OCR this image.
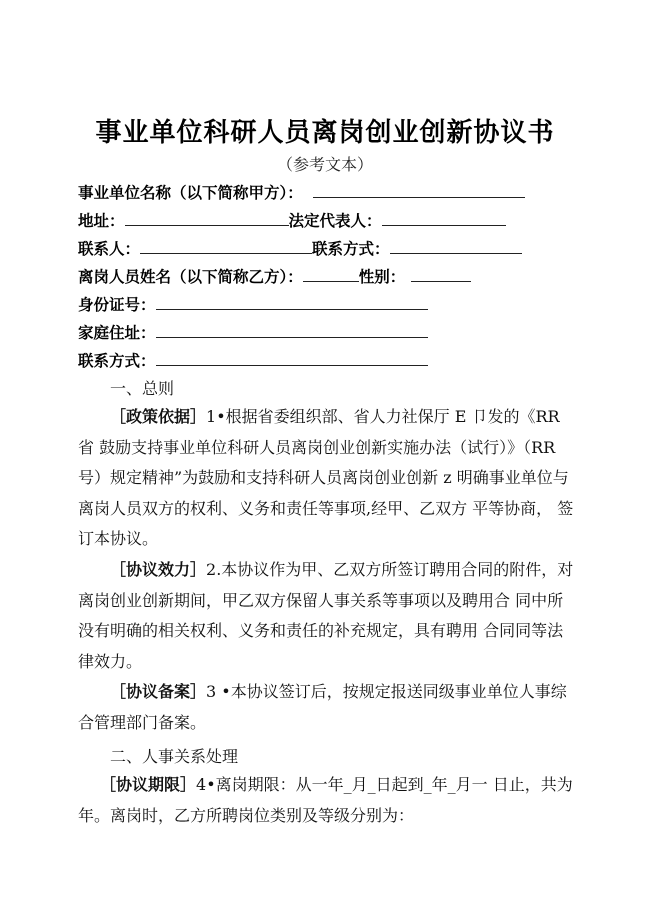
事业单位科研人员离岗创业创新协议书
（参考文本）
事业单位名称（以下简称甲方）：
地址：	法定代表人：
联系人：	联系方式：
离岗人员姓名（以下简称乙方）：	性别：
身份证号：
家庭住址：
联系方式：
一、总则
［政策依据］1•根据省委组织部、省人力社保厅 E 卩发的《RR 省 鼓励支持事业单位科研人员离岗创业创新实施办法（试行）》（RR 号）规定精神”为鼓励和支持科研人员离岗创业创新 z 明确事业单位与离岗人员双方的权利、义务和责任等事项,经甲、乙双方 平等协商， 签订本协议。
［协议效力］2.本协议作为甲、乙双方所签订聘用合同的附件，对离岗创业创新期间，甲乙双方保留人事关系等事项以及聘用合 同中所没有明确的相关权利、义务和责任的补充规定，具有聘用 合同同等法律效力。
［协议备案］3 •本协议签订后，按规定报送同级事业单位人事综合管理部门备案。
二、人事关系处理
［协议期限］4•离岗期限：从一年_月_日起到_年_月一 日止，共为 年。离岗时，乙方所聘岗位类别及等级分别为：
